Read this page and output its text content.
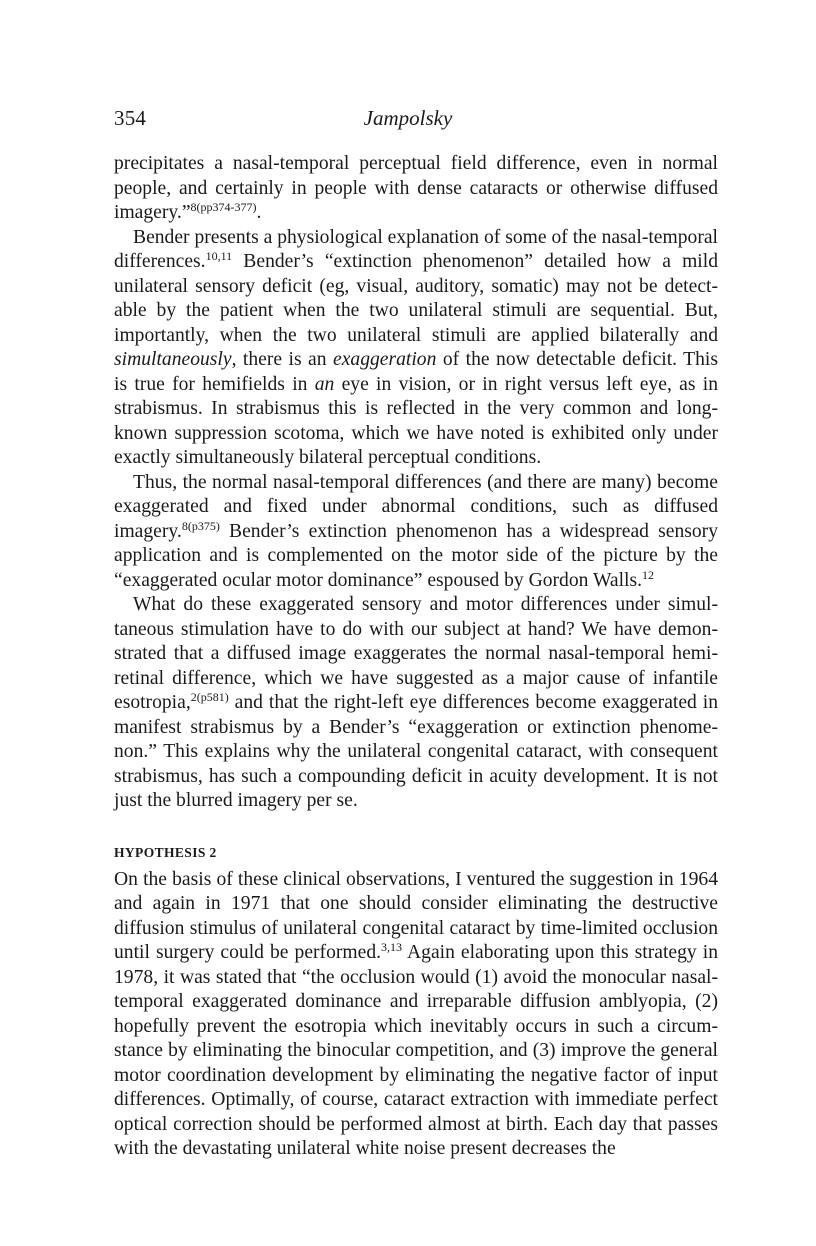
354	Jampolsky

precipitates a nasal-temporal perceptual field difference, even in normal people, and certainly in people with dense cataracts or otherwise diffused imagery.”$^{8(pp374-377)}$.

Bender presents a physiological explanation of some of the nasal-temporal differences.$^{10,11}$ Bender’s “extinction phenomenon” detailed how a mild unilateral sensory deficit (eg, visual, auditory, somatic) may not be detectable by the patient when the two unilateral stimuli are sequential. But, importantly, when the two unilateral stimuli are applied bilaterally and simultaneously, there is an exaggeration of the now detectable deficit. This is true for hemifields in an eye in vision, or in right versus left eye, as in strabismus. In strabismus this is reflected in the very common and long-known suppression scotoma, which we have noted is exhibited only under exactly simultaneously bilateral perceptual conditions.

Thus, the normal nasal-temporal differences (and there are many) become exaggerated and fixed under abnormal conditions, such as diffused imagery.$^{8(p375)}$ Bender’s extinction phenomenon has a widespread sensory application and is complemented on the motor side of the picture by the “exaggerated ocular motor dominance” espoused by Gordon Walls.$^{12}$

What do these exaggerated sensory and motor differences under simultaneous stimulation have to do with our subject at hand? We have demonstrated that a diffused image exaggerates the normal nasal-temporal hemiretinal difference, which we have suggested as a major cause of infantile esotropia,$^{2(p581)}$ and that the right-left eye differences become exaggerated in manifest strabismus by a Bender’s “exaggeration or extinction phenomenon.” This explains why the unilateral congenital cataract, with consequent strabismus, has such a compounding deficit in acuity development. It is not just the blurred imagery per se.

HYPOTHESIS 2

On the basis of these clinical observations, I ventured the suggestion in 1964 and again in 1971 that one should consider eliminating the destructive diffusion stimulus of unilateral congenital cataract by time-limited occlusion until surgery could be performed.$^{3,13}$ Again elaborating upon this strategy in 1978, it was stated that “the occlusion would (1) avoid the monocular nasal-temporal exaggerated dominance and irreparable diffusion amblyopia, (2) hopefully prevent the esotropia which inevitably occurs in such a circumstance by eliminating the binocular competition, and (3) improve the general motor coordination development by eliminating the negative factor of input differences. Optimally, of course, cataract extraction with immediate perfect optical correction should be performed almost at birth. Each day that passes with the devastating unilateral white noise present decreases the
